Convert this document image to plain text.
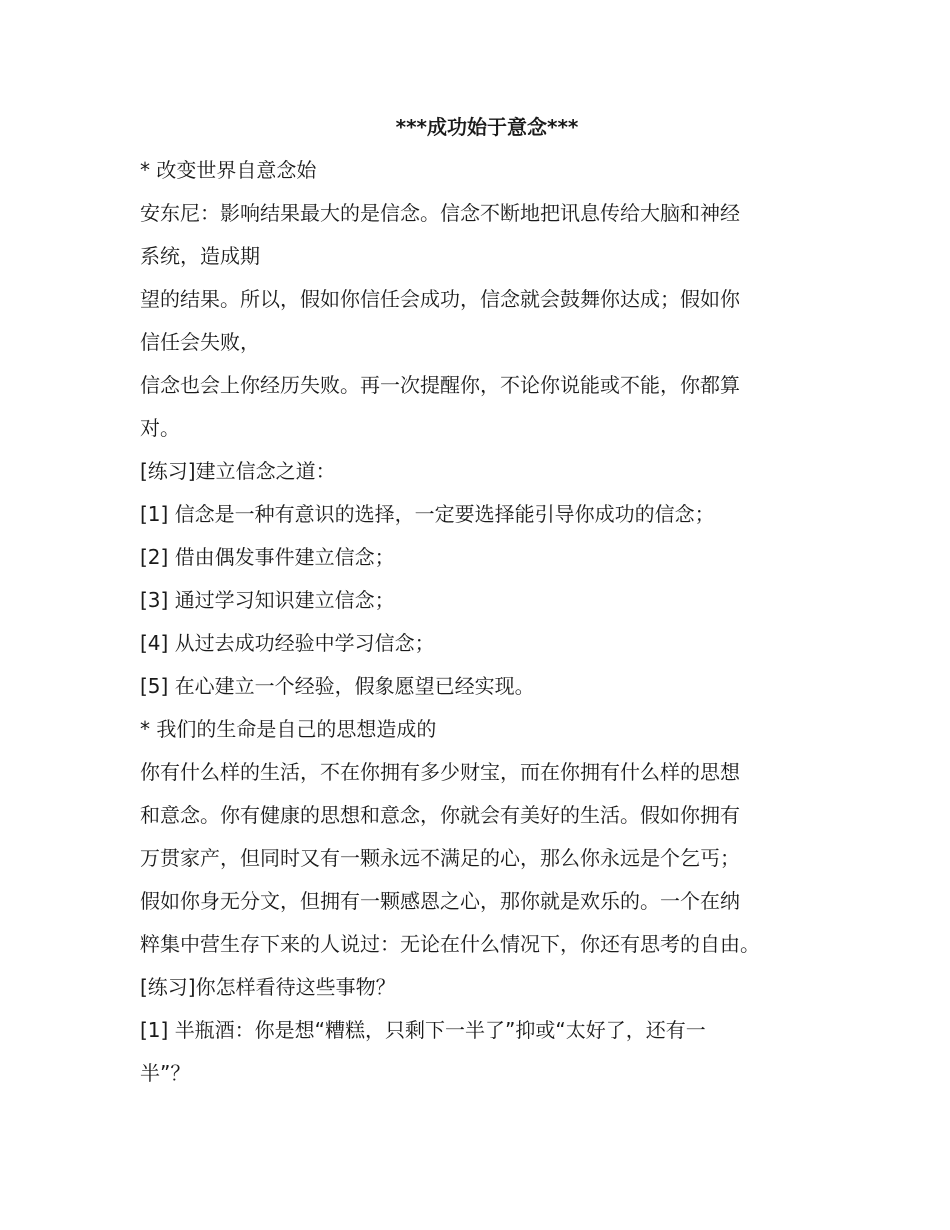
***成功始于意念***

* 改变世界自意念始

安东尼：影响结果最大的是信念。信念不断地把讯息传给大脑和神经

系统，造成期

望的结果。所以，假如你信任会成功，信念就会鼓舞你达成；假如你

信任会失败，

信念也会上你经历失败。再一次提醒你，不论你说能或不能，你都算

对。

[练习]建立信念之道：

[1] 信念是一种有意识的选择，一定要选择能引导你成功的信念；

[2] 借由偶发事件建立信念；

[3] 通过学习知识建立信念；

[4] 从过去成功经验中学习信念；

[5] 在心建立一个经验，假象愿望已经实现。

* 我们的生命是自己的思想造成的

你有什么样的生活，不在你拥有多少财宝，而在你拥有什么样的思想

和意念。你有健康的思想和意念，你就会有美好的生活。假如你拥有

万贯家产，但同时又有一颗永远不满足的心，那么你永远是个乞丐；

假如你身无分文，但拥有一颗感恩之心，那你就是欢乐的。一个在纳

粹集中营生存下来的人说过：无论在什么情况下，你还有思考的自由。

[练习]你怎样看待这些事物？

[1] 半瓶酒：你是想“糟糕，只剩下一半了”抑或“太好了，还有一

半”？
